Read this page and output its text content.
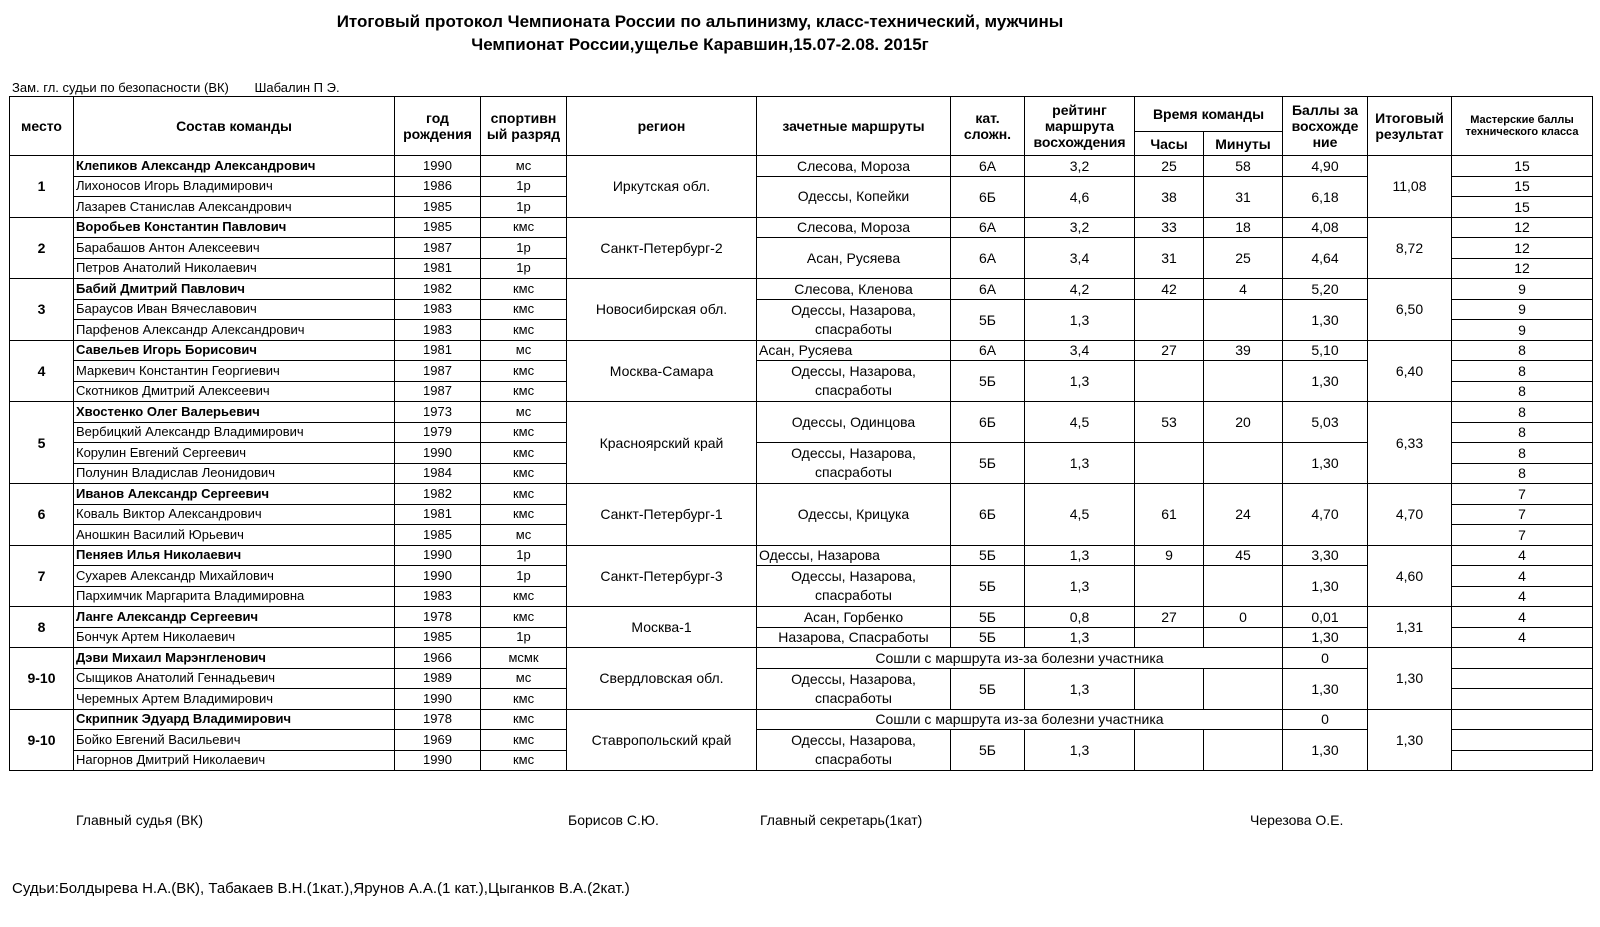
Итоговый протокол Чемпионата России по альпинизму, класс-технический, мужчины
Чемпионат России,ущелье Каравшин,15.07-2.08. 2015г
Зам. гл. судьи по безопасности (ВК) Шабалин П Э.
место	Состав команды	год рождения	спортивн ый разряд	регион	зачетные маршруты	кат. сложн.	рейтинг маршрута восхождения	Время команды		Баллы за восхожде ние	Итоговый результат	Мастерские баллы технического класса
								Часы	Минуты			
1	Клепиков Александр Александрович	1990	мс	Иркутская обл.	Слесова, Мороза	6А	3,2	25	58	4,90	11,08	15
	Лихоносов Игорь Владимирович	1986	1р		Одессы, Копейки	6Б	4,6	38	31	6,18		15
	Лазарев Станислав Александрович	1985	1р									15
2	Воробьев Константин Павлович	1985	кмс	Санкт-Петербург-2	Слесова, Мороза	6А	3,2	33	18	4,08	8,72	12
	Барабашов Антон Алексеевич	1987	1р		Асан, Русяева	6А	3,4	31	25	4,64		12
	Петров Анатолий Николаевич	1981	1р									12
3	Бабий Дмитрий Павлович	1982	кмс	Новосибирская обл.	Слесова, Кленова	6А	4,2	42	4	5,20	6,50	9
	Бараусов Иван Вячеславович	1983	кмс		Одессы, Назарова, спасработы	5Б	1,3			1,30		9
	Парфенов Александр Александрович	1983	кмс									9
4	Савельев Игорь Борисович	1981	мс	Москва-Самара	Асан, Русяева	6А	3,4	27	39	5,10	6,40	8
	Маркевич Константин Георгиевич	1987	кмс		Одессы, Назарова, спасработы	5Б	1,3			1,30		8
	Скотников Дмитрий Алексеевич	1987	кмс									8
5	Хвостенко Олег Валерьевич	1973	мс	Красноярский край	Одессы, Одинцова	6Б	4,5	53	20	5,03	6,33	8
	Вербицкий Александр Владимирович	1979	кмс									8
	Корулин Евгений Сергеевич	1990	кмс		Одессы, Назарова, спасработы	5Б	1,3			1,30		8
	Полунин Владислав Леонидович	1984	кмс									8
6	Иванов Александр Сергеевич	1982	кмс	Санкт-Петербург-1	Одессы, Крицука	6Б	4,5	61	24	4,70	4,70	7
	Коваль Виктор Александрович	1981	кмс									7
	Аношкин Василий Юрьевич	1985	мс									7
7	Пеняев Илья Николаевич	1990	1р	Санкт-Петербург-3	Одессы, Назарова	5Б	1,3	9	45	3,30	4,60	4
	Сухарев Александр Михайлович	1990	1р		Одессы, Назарова, спасработы	5Б	1,3			1,30		4
	Пархимчик Маргарита Владимировна	1983	кмс									4
8	Ланге Александр Сергеевич	1978	кмс	Москва-1	Асан, Горбенко	5Б	0,8	27	0	0,01	1,31	4
	Бончук Артем Николаевич	1985	1р		Назарова, Спасработы	5Б	1,3			1,30		4
9-10	Дэви Михаил Марэнгленович	1966	мсмк	Свердловская обл.	Сошли с маршрута из-за болезни участника					0	1,30	
	Сыщиков Анатолий Геннадьевич	1989	мс		Одессы, Назарова, спасработы	5Б	1,3			1,30		
	Черемных Артем Владимирович	1990	кмс									
9-10	Скрипник Эдуард Владимирович	1978	кмс	Ставропольский край	Сошли с маршрута из-за болезни участника					0	1,30	
	Бойко Евгений Васильевич	1969	кмс		Одессы, Назарова, спасработы	5Б	1,3			1,30		
	Нагорнов Дмитрий Николаевич	1990	кмс									
Главный судья (ВК)	Борисов С.Ю.	Главный секретарь(1кат)	Черезова О.Е.
Судьи:Болдырева Н.А.(ВК), Табакаев В.Н.(1кат.),Ярунов А.А.(1 кат.),Цыганков В.А.(2кат.)
